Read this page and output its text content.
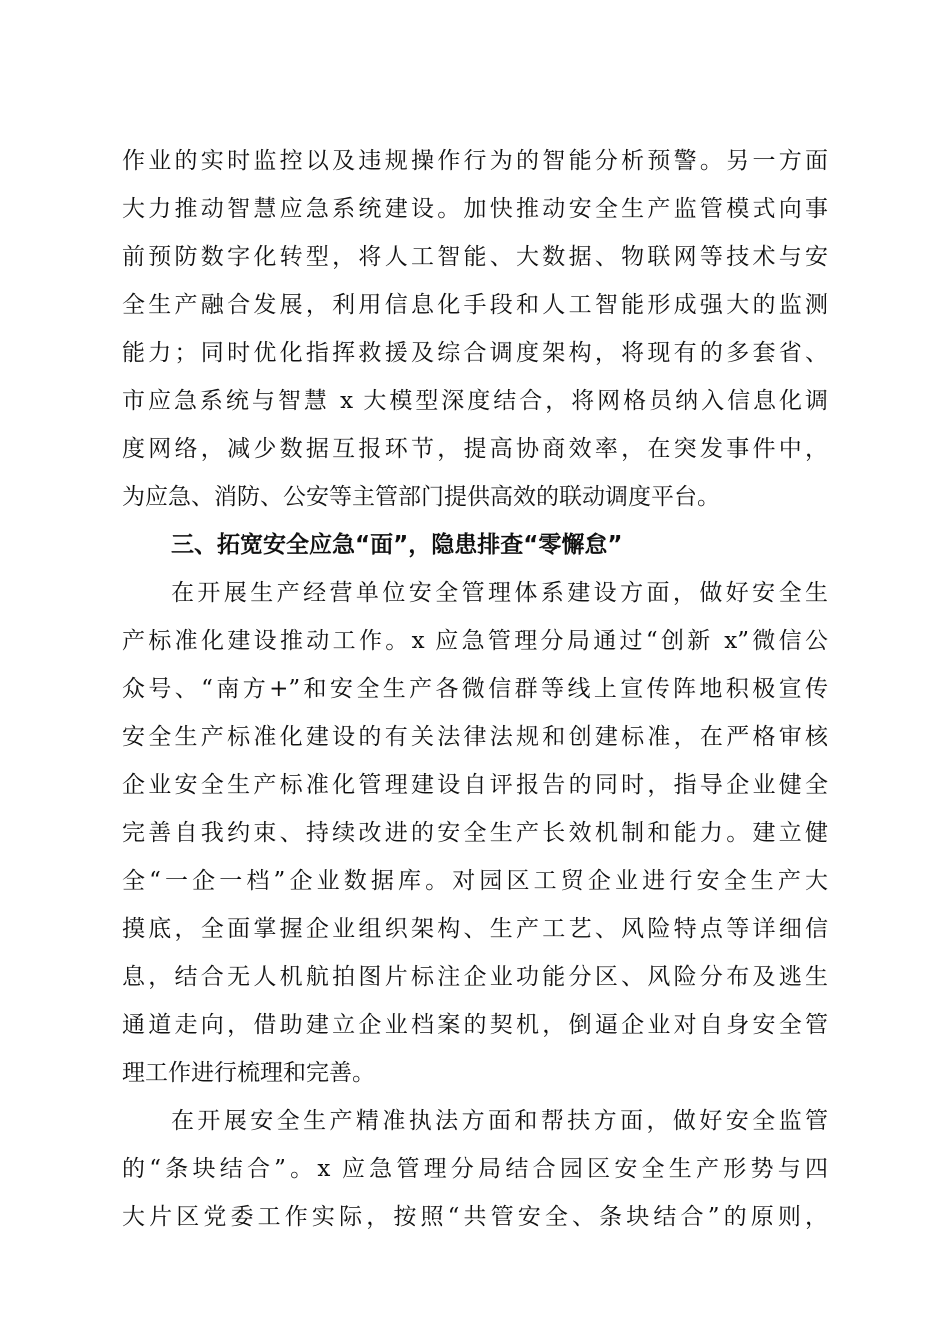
作业的实时监控以及违规操作行为的智能分析预警。另一方面
大力推动智慧应急系统建设。加快推动安全生产监管模式向事
前预防数字化转型，将人工智能、大数据、物联网等技术与安
全生产融合发展，利用信息化手段和人工智能形成强大的监测
能力；同时优化指挥救援及综合调度架构，将现有的多套省、
市应急系统与智慧 x 大模型深度结合，将网格员纳入信息化调
度网络，减少数据互报环节，提高协商效率，在突发事件中，
为应急、消防、公安等主管部门提供高效的联动调度平台。
三、拓宽安全应急“面”，隐患排查“零懈怠”
在开展生产经营单位安全管理体系建设方面，做好安全生
产标准化建设推动工作。x 应急管理分局通过“创新 x”微信公
众号、“南方+”和安全生产各微信群等线上宣传阵地积极宣传
安全生产标准化建设的有关法律法规和创建标准，在严格审核
企业安全生产标准化管理建设自评报告的同时，指导企业健全
完善自我约束、持续改进的安全生产长效机制和能力。建立健
全“一企一档”企业数据库。对园区工贸企业进行安全生产大
摸底，全面掌握企业组织架构、生产工艺、风险特点等详细信
息，结合无人机航拍图片标注企业功能分区、风险分布及逃生
通道走向，借助建立企业档案的契机，倒逼企业对自身安全管
理工作进行梳理和完善。
在开展安全生产精准执法方面和帮扶方面，做好安全监管
的“条块结合”。x 应急管理分局结合园区安全生产形势与四
大片区党委工作实际，按照“共管安全、条块结合”的原则，
